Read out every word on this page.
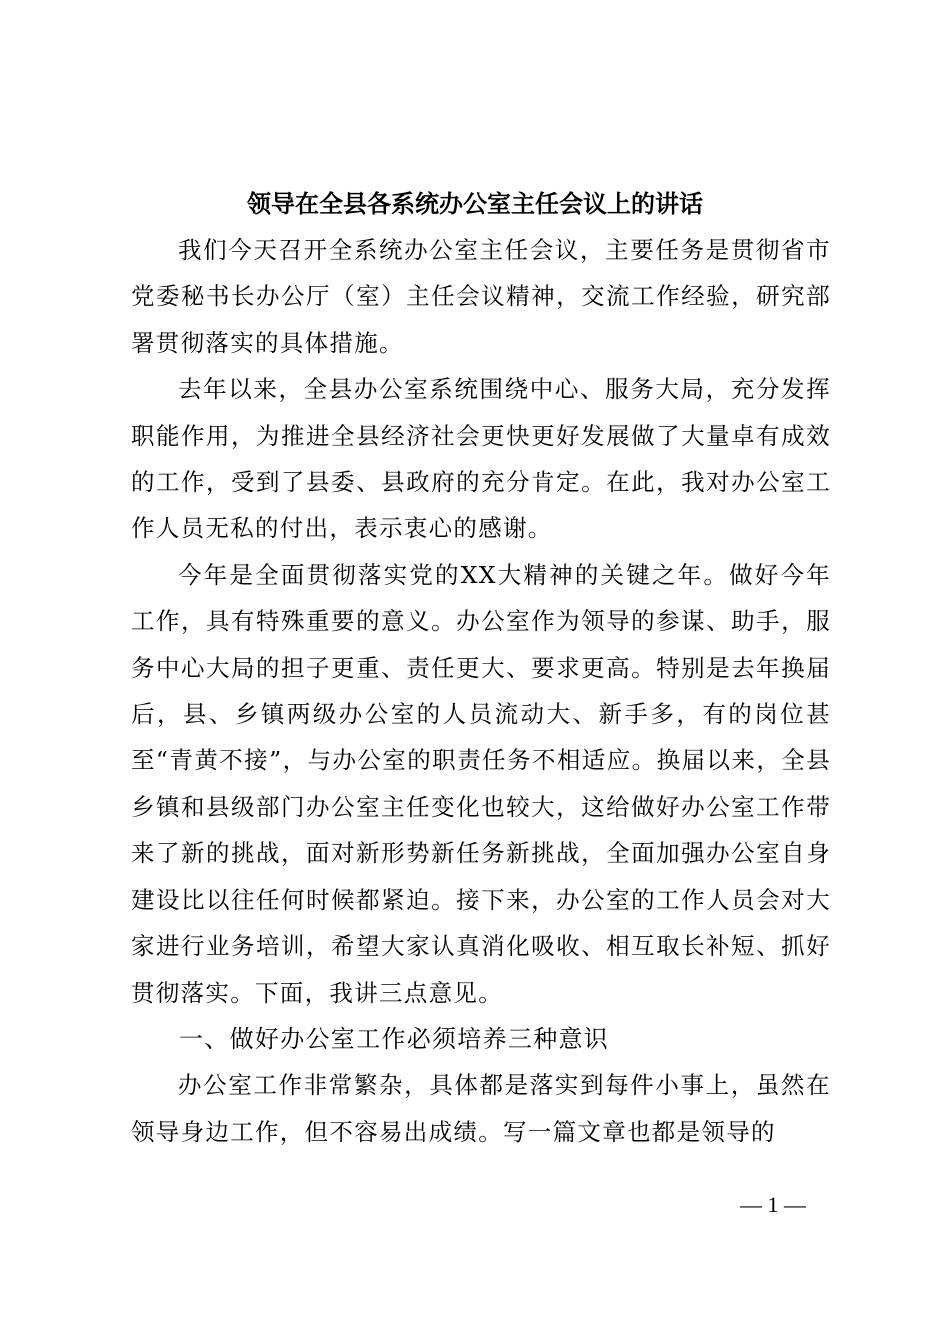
领导在全县各系统办公室主任会议上的讲话

我们今天召开全系统办公室主任会议，主要任务是贯彻省市党委秘书长办公厅（室）主任会议精神，交流工作经验，研究部署贯彻落实的具体措施。

去年以来，全县办公室系统围绕中心、服务大局，充分发挥职能作用，为推进全县经济社会更快更好发展做了大量卓有成效的工作，受到了县委、县政府的充分肯定。在此，我对办公室工作人员无私的付出，表示衷心的感谢。

今年是全面贯彻落实党的XX大精神的关键之年。做好今年工作，具有特殊重要的意义。办公室作为领导的参谋、助手，服务中心大局的担子更重、责任更大、要求更高。特别是去年换届后，县、乡镇两级办公室的人员流动大、新手多，有的岗位甚至“青黄不接”，与办公室的职责任务不相适应。换届以来，全县乡镇和县级部门办公室主任变化也较大，这给做好办公室工作带来了新的挑战，面对新形势新任务新挑战，全面加强办公室自身建设比以往任何时候都紧迫。接下来，办公室的工作人员会对大家进行业务培训，希望大家认真消化吸收、相互取长补短、抓好贯彻落实。下面，我讲三点意见。

一、做好办公室工作必须培养三种意识

办公室工作非常繁杂，具体都是落实到每件小事上，虽然在领导身边工作，但不容易出成绩。写一篇文章也都是领导的

— 1 —
